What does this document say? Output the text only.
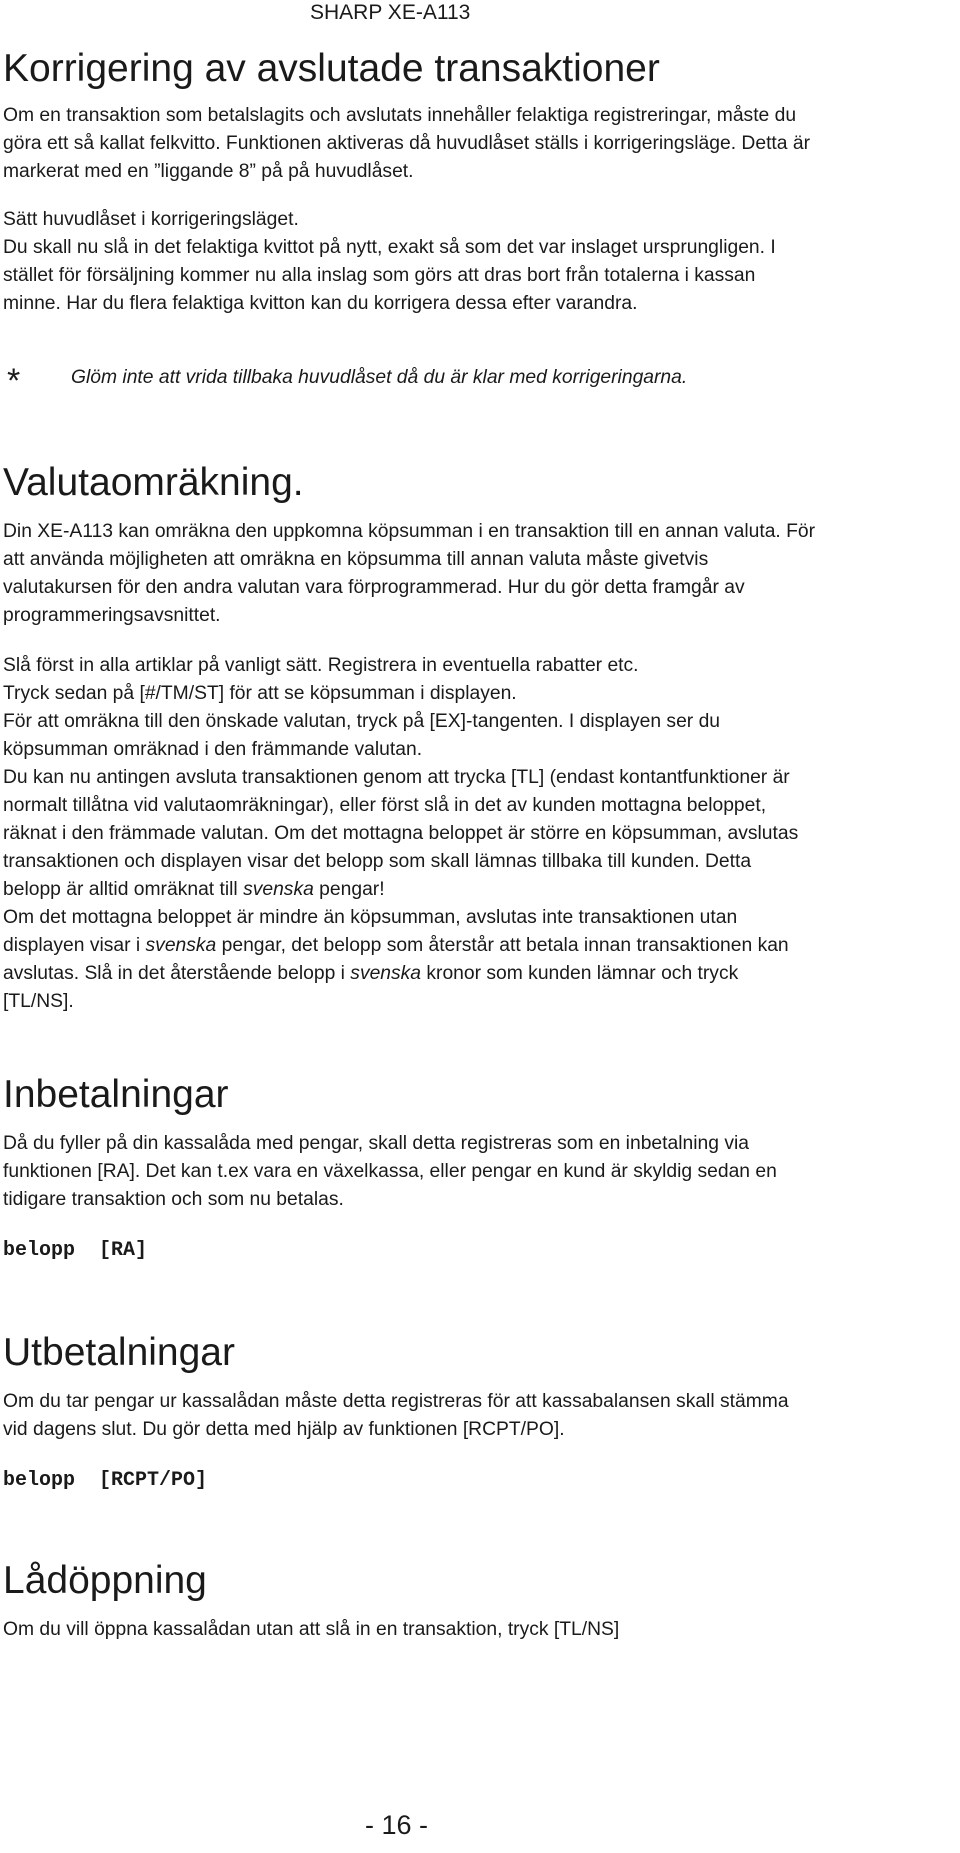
SHARP XE-A113
Korrigering av avslutade transaktioner

Om en transaktion som betalslagits och avslutats innehåller felaktiga registreringar, måste du

göra ett så kallat felkvitto. Funktionen aktiveras då huvudlåset ställs i korrigeringsläge. Detta är

markerat med en ”liggande 8” på på huvudlåset.

Sätt huvudlåset i korrigeringsläget.

Du skall nu slå in det felaktiga kvittot på nytt, exakt så som det var inslaget ursprungligen. I

stället för försäljning kommer nu alla inslag som görs att dras bort från totalerna i kassan

minne. Har du flera felaktiga kvitton kan du korrigera dessa efter varandra.

*	Glöm inte att vrida tillbaka huvudlåset då du är klar med korrigeringarna.
Valutaomräkning.

Din XE-A113 kan omräkna den uppkomna köpsumman i en transaktion till en annan valuta. För

att använda möjligheten att omräkna en köpsumma till annan valuta måste givetvis

valutakursen för den andra valutan vara förprogrammerad. Hur du gör detta framgår av

programmeringsavsnittet.

Slå först in alla artiklar på vanligt sätt. Registrera in eventuella rabatter etc.

Tryck sedan på [#/TM/ST] för att se köpsumman i displayen.

För att omräkna till den önskade valutan, tryck på [EX]-tangenten. I displayen ser du

köpsumman omräknad i den främmande valutan.

Du kan nu antingen avsluta transaktionen genom att trycka [TL] (endast kontantfunktioner är

normalt tillåtna vid valutaomräkningar), eller först slå in det av kunden mottagna beloppet,

räknat i den främmade valutan. Om det mottagna beloppet är större en köpsumman, avslutas

transaktionen och displayen visar det belopp som skall lämnas tillbaka till kunden. Detta

belopp är alltid omräknat till svenska pengar!

Om det mottagna beloppet är mindre än köpsumman, avslutas inte transaktionen utan

displayen visar i svenska pengar, det belopp som återstår att betala innan transaktionen kan

avslutas. Slå in det återstående belopp i svenska kronor som kunden lämnar och tryck

[TL/NS].

Inbetalningar

Då du fyller på din kassalåda med pengar, skall detta registreras som en inbetalning via

funktionen [RA]. Det kan t.ex vara en växelkassa, eller pengar en kund är skyldig sedan en

tidigare transaktion och som nu betalas.

belopp  [RA]
Utbetalningar

Om du tar pengar ur kassalådan måste detta registreras för att kassabalansen skall stämma

vid dagens slut. Du gör detta med hjälp av funktionen [RCPT/PO].

belopp  [RCPT/PO]
Lådöppning

Om du vill öppna kassalådan utan att slå in en transaktion, tryck [TL/NS]

- 16 -
